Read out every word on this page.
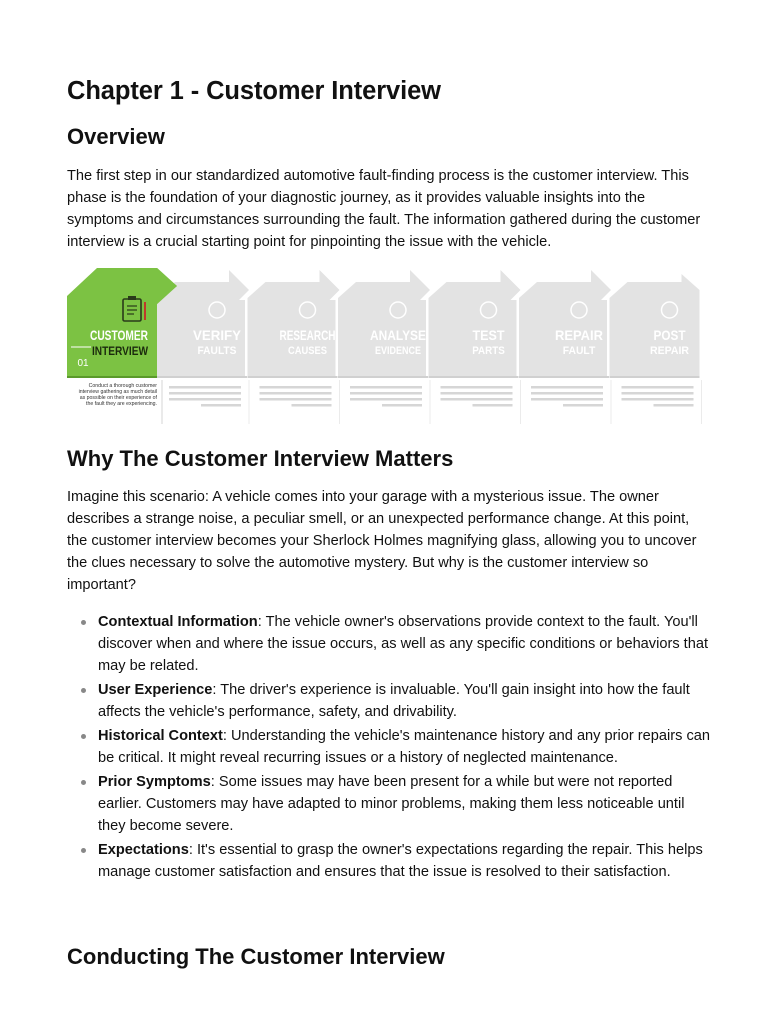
Chapter 1 - Customer Interview
Overview

The first step in our standardized automotive fault-finding process is the customer interview. This phase is the foundation of your diagnostic journey, as it provides valuable insights into the symptoms and circumstances surrounding the fault. The information gathered during the customer interview is a crucial starting point for pinpointing the issue with the vehicle.

Why The Customer Interview Matters

Imagine this scenario: A vehicle comes into your garage with a mysterious issue. The owner describes a strange noise, a peculiar smell, or an unexpected performance change. At this point, the customer interview becomes your Sherlock Holmes magnifying glass, allowing you to uncover the clues necessary to solve the automotive mystery. But why is the customer interview so important?

Contextual Information: The vehicle owner's observations provide context to the fault. You'll discover when and where the issue occurs, as well as any specific conditions or behaviors that may be related.
User Experience: The driver's experience is invaluable. You'll gain insight into how the fault affects the vehicle's performance, safety, and drivability.
Historical Context: Understanding the vehicle's maintenance history and any prior repairs can be critical. It might reveal recurring issues or a history of neglected maintenance.
Prior Symptoms: Some issues may have been present for a while but were not reported earlier. Customers may have adapted to minor problems, making them less noticeable until they become severe.
Expectations: It's essential to grasp the owner's expectations regarding the repair. This helps manage customer satisfaction and ensures that the issue is resolved to their satisfaction.
Conducting The Customer Interview
VERIFY
FAULTS
RESEARCH
CAUSES
ANALYSE
EVIDENCE
TEST
PARTS
REPAIR
FAULT
POST
REPAIR
CUSTOMER
INTERVIEW
01
Conduct a thorough customer interview gathering as much detail as possible on their experience of the fault they are experiencing.
